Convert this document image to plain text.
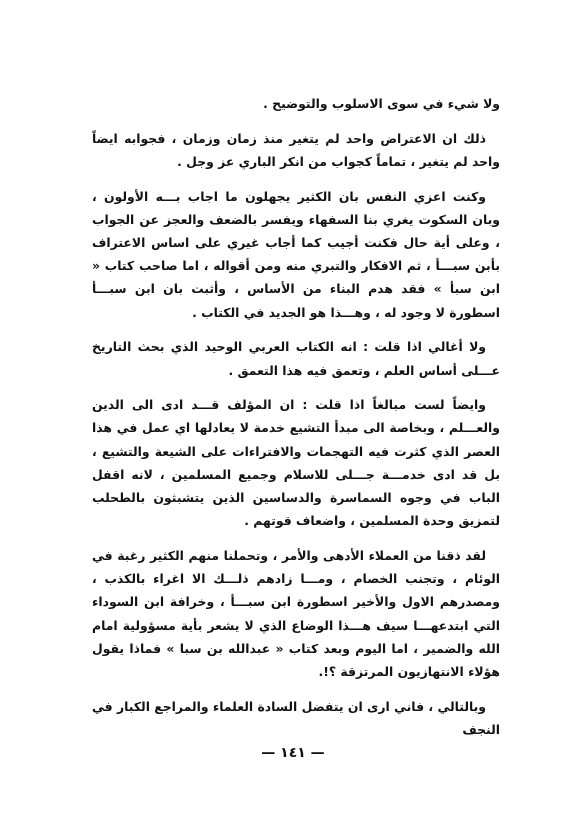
ولا شيء في سوى الاسلوب والتوضيح .

ذلك ان الاعتراض واحد لم يتغير منذ زمان وزمان ، فجوابه ايضاً واحد لم يتغير ، تماماً كجواب من انكر الباري عز وجل .

وكنت اعزي النفس بان الكثير يجهلون ما اجاب بـــه الأولون ، وبان السكوت يغري بنا السفهاء ويفسر بالضعف والعجز عن الجواب ، وعلى أية حال فكنت أجيب كما أجاب غيري على اساس الاعتراف بأبن سبـــأ ، ثم الافكار والتبري منه ومن أقواله ، اما صاحب كتاب « ابن سبأ » فقد هدم البناء من الأساس ، وأثبت بان ابن سبـــأ اسطورة لا وجود له ، وهـــذا هو الجديد في الكتاب .

ولا أغالي اذا قلت : انه الكتاب العربي الوحيد الذي بحث التاريخ عـــلى أساس العلم ، وتعمق فيه هذا التعمق .

وايضاً لست مبالغاً اذا قلت : ان المؤلف قـــد ادى الى الدين والعـــلم ، وبخاصة الى مبدأ التشيع خدمة لا يعادلها اي عمل في هذا العصر الذي كثرت فيه التهجمات والافتراءات على الشيعة والتشيع ، بل قد ادى خدمـــة جـــلى للاسلام وجميع المسلمين ، لانه اقفل الباب في وجوه السماسرة والدساسين الذين يتشبثون بالطحلب لتمزيق وحدة المسلمين ، واضعاف قوتهم .

لقد ذقنا من العملاء الأدهى والأمر ، وتحملنا منهم الكثير رغبة في الوئام ، وتجنب الخصام ، ومـــا زادهم ذلـــك الا اغراء بالكذب ، ومصدرهم الاول والأخير اسطورة ابن سبـــأ ، وخرافة ابن السوداء التي ابتدعهـــا سيف هـــذا الوضاع الذي لا يشعر بأية مسؤولية امام الله والضمير ، اما اليوم وبعد كتاب « عبدالله بن سبا » فماذا يقول هؤلاء الانتهازيون المرتزقة ؟!.

وبالتالي ، فاني ارى ان يتفضل السادة العلماء والمراجع الكبار في النجف

— ١٤١ —
